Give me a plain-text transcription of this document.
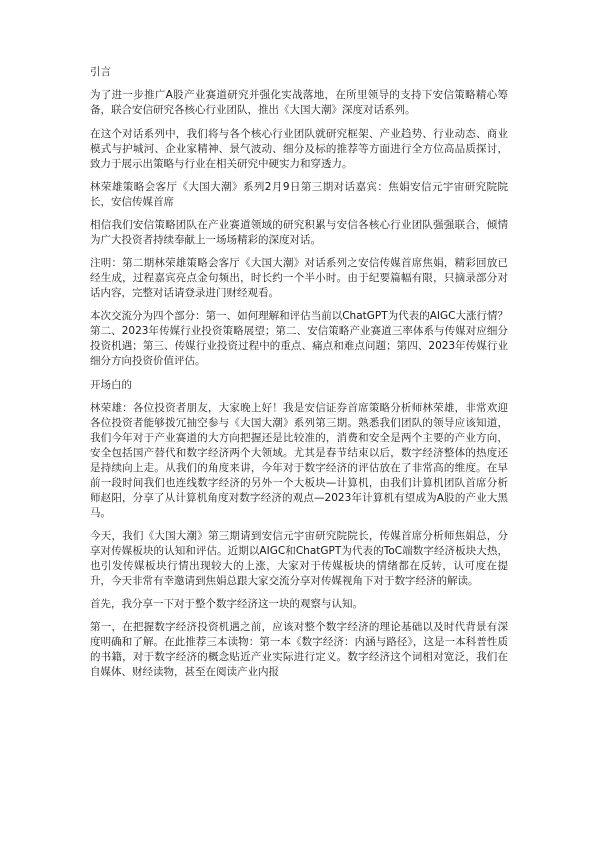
引言

为了进一步推广A股产业赛道研究并强化实战落地，在所里领导的支持下安信策略精心筹备，联合安信研究各核心行业团队，推出《大国大潮》深度对话系列。

在这个对话系列中，我们将与各个核心行业团队就研究框架、产业趋势、行业动态、商业模式与护城河、企业家精神、景气波动、细分及标的推荐等方面进行全方位高品质探讨，致力于展示出策略与行业在相关研究中硬实力和穿透力。

林荣雄策略会客厅《大国大潮》系列2月9日第三期对话嘉宾：焦娟安信元宇宙研究院院长，安信传媒首席

相信我们安信策略团队在产业赛道领域的研究积累与安信各核心行业团队强强联合，倾情为广大投资者持续奉献上一场场精彩的深度对话。

注明：第二期林荣雄策略会客厅《大国大潮》对话系列之安信传媒首席焦娟，精彩回放已经生成，过程嘉宾亮点金句频出，时长约一个半小时。由于纪要篇幅有限，只摘录部分对话内容，完整对话请登录进门财经观看。

本次交流分为四个部分：第一、如何理解和评估当前以ChatGPT为代表的AIGC大涨行情？第二、2023年传媒行业投资策略展望；第二、安信策略产业赛道三率体系与传媒对应细分投资机遇；第三、传媒行业投资过程中的重点、痛点和难点问题；第四、2023年传媒行业细分方向投资价值评估。

开场白的

林荣雄：各位投资者朋友，大家晚上好！我是安信证券首席策略分析师林荣雄，非常欢迎各位投资者能够拨冗抽空参与《大国大潮》系列第三期。熟悉我们团队的领导应该知道，我们今年对于产业赛道的大方向把握还是比较准的，消费和安全是两个主要的产业方向，安全包括国产替代和数字经济两个大领域。尤其是春节结束以后，数字经济整体的热度还是持续向上走。从我们的角度来讲，今年对于数字经济的评估放在了非常高的维度。在早前一段时间我们也连线数字经济的另外一个大板块—计算机，由我们计算机团队首席分析师赵阳，分享了从计算机角度对数字经济的观点—2023年计算机有望成为A股的产业大黑马。

今天，我们《大国大潮》第三期请到安信元宇宙研究院院长，传媒首席分析师焦娟总，分享对传媒板块的认知和评估。近期以AIGC和ChatGPT为代表的ToC端数字经济板块大热，也引发传媒板块行情出现较大的上涨，大家对于传媒板块的情绪都在反转，认可度在提升，今天非常有幸邀请到焦娟总跟大家交流分享对传媒视角下对于数字经济的解读。

首先，我分享一下对于整个数字经济这一块的观察与认知。

第一，在把握数字经济投资机遇之前，应该对整个数字经济的理论基础以及时代背景有深度明确和了解。在此推荐三本读物：第一本《数字经济：内涵与路径》，这是一本科普性质的书籍，对于数字经济的概念贴近产业实际进行定义。数字经济这个词相对宽泛，我们在自媒体、财经读物，甚至在阅读产业内报
